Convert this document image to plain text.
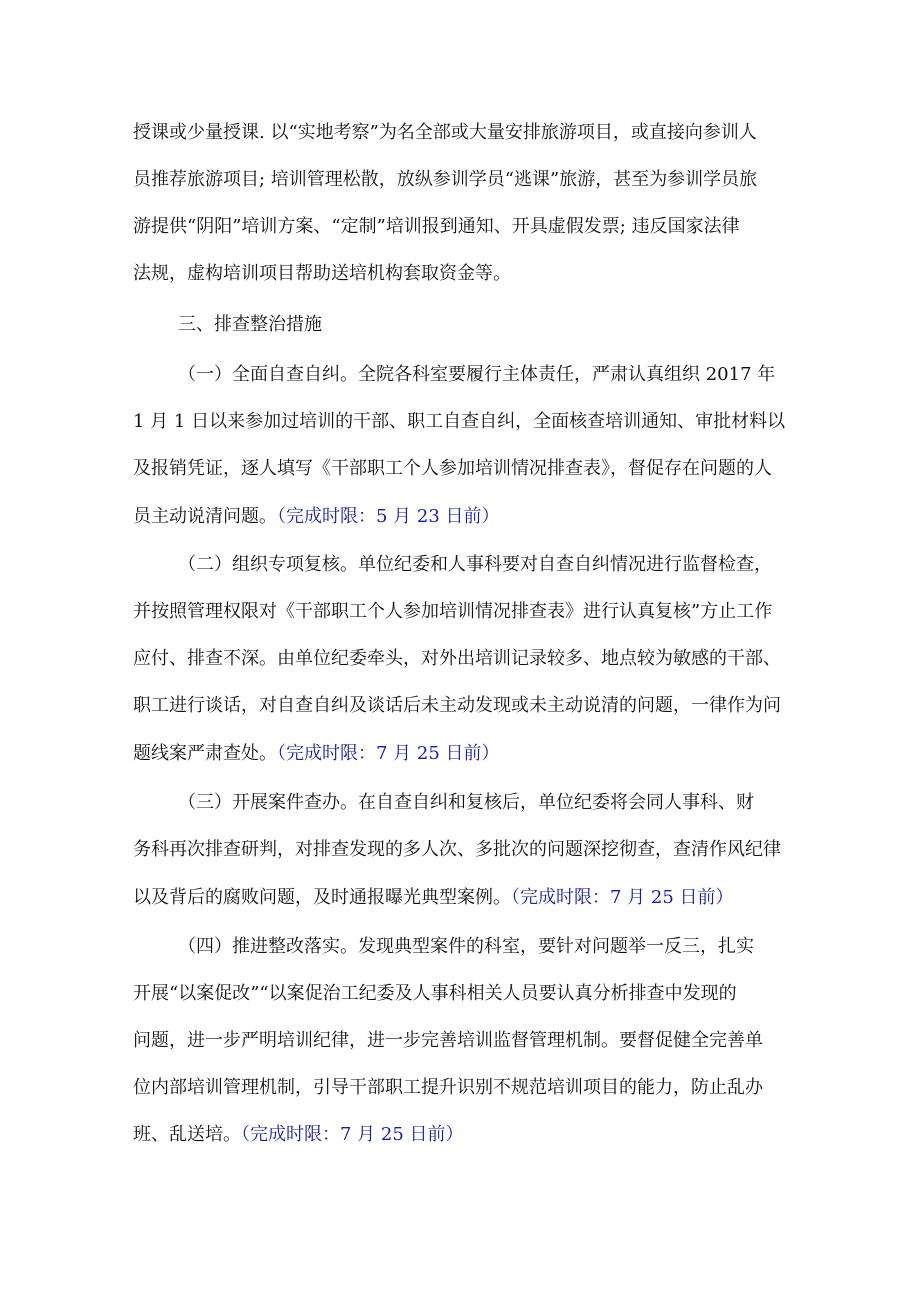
授课或少量授课. 以“实地考察”为名全部或大量安排旅游项目，或直接向参训人
员推荐旅游项目; 培训管理松散，放纵参训学员“逃课”旅游，甚至为参训学员旅
游提供“阴阳”培训方案、“定制”培训报到通知、开具虚假发票; 违反国家法律
法规，虚构培训项目帮助送培机构套取资金等。
三、排查整治措施
（一）全面自查自纠。全院各科室要履行主体责任，严肃认真组织 2017 年
1 月 1 日以来参加过培训的干部、职工自查自纠，全面核查培训通知、审批材料以
及报销凭证，逐人填写《干部职工个人参加培训情况排查表》，督促存在问题的人
员主动说清问题。（完成时限：5 月 23 日前）
（二）组织专项复核。单位纪委和人事科要对自查自纠情况进行监督检查，
并按照管理权限对《干部职工个人参加培训情况排查表》进行认真复核”方止工作
应付、排查不深。由单位纪委牵头，对外出培训记录较多、地点较为敏感的干部、
职工进行谈话，对自查自纠及谈话后未主动发现或未主动说清的问题，一律作为问
题线案严肃查处。（完成时限：7 月 25 日前）
（三）开展案件查办。在自查自纠和复核后，单位纪委将会同人事科、财
务科再次排查研判，对排查发现的多人次、多批次的问题深挖彻查，查清作风纪律
以及背后的腐败问题，及时通报曝光典型案例。（完成时限：7 月 25 日前）
（四）推进整改落实。发现典型案件的科室，要针对问题举一反三，扎实
开展“以案促改”“以案促治工纪委及人事科相关人员要认真分析排查中发现的
问题，进一步严明培训纪律，进一步完善培训监督管理机制。要督促健全完善单
位内部培训管理机制，引导干部职工提升识别不规范培训项目的能力，防止乱办
班、乱送培。（完成时限：7 月 25 日前）
